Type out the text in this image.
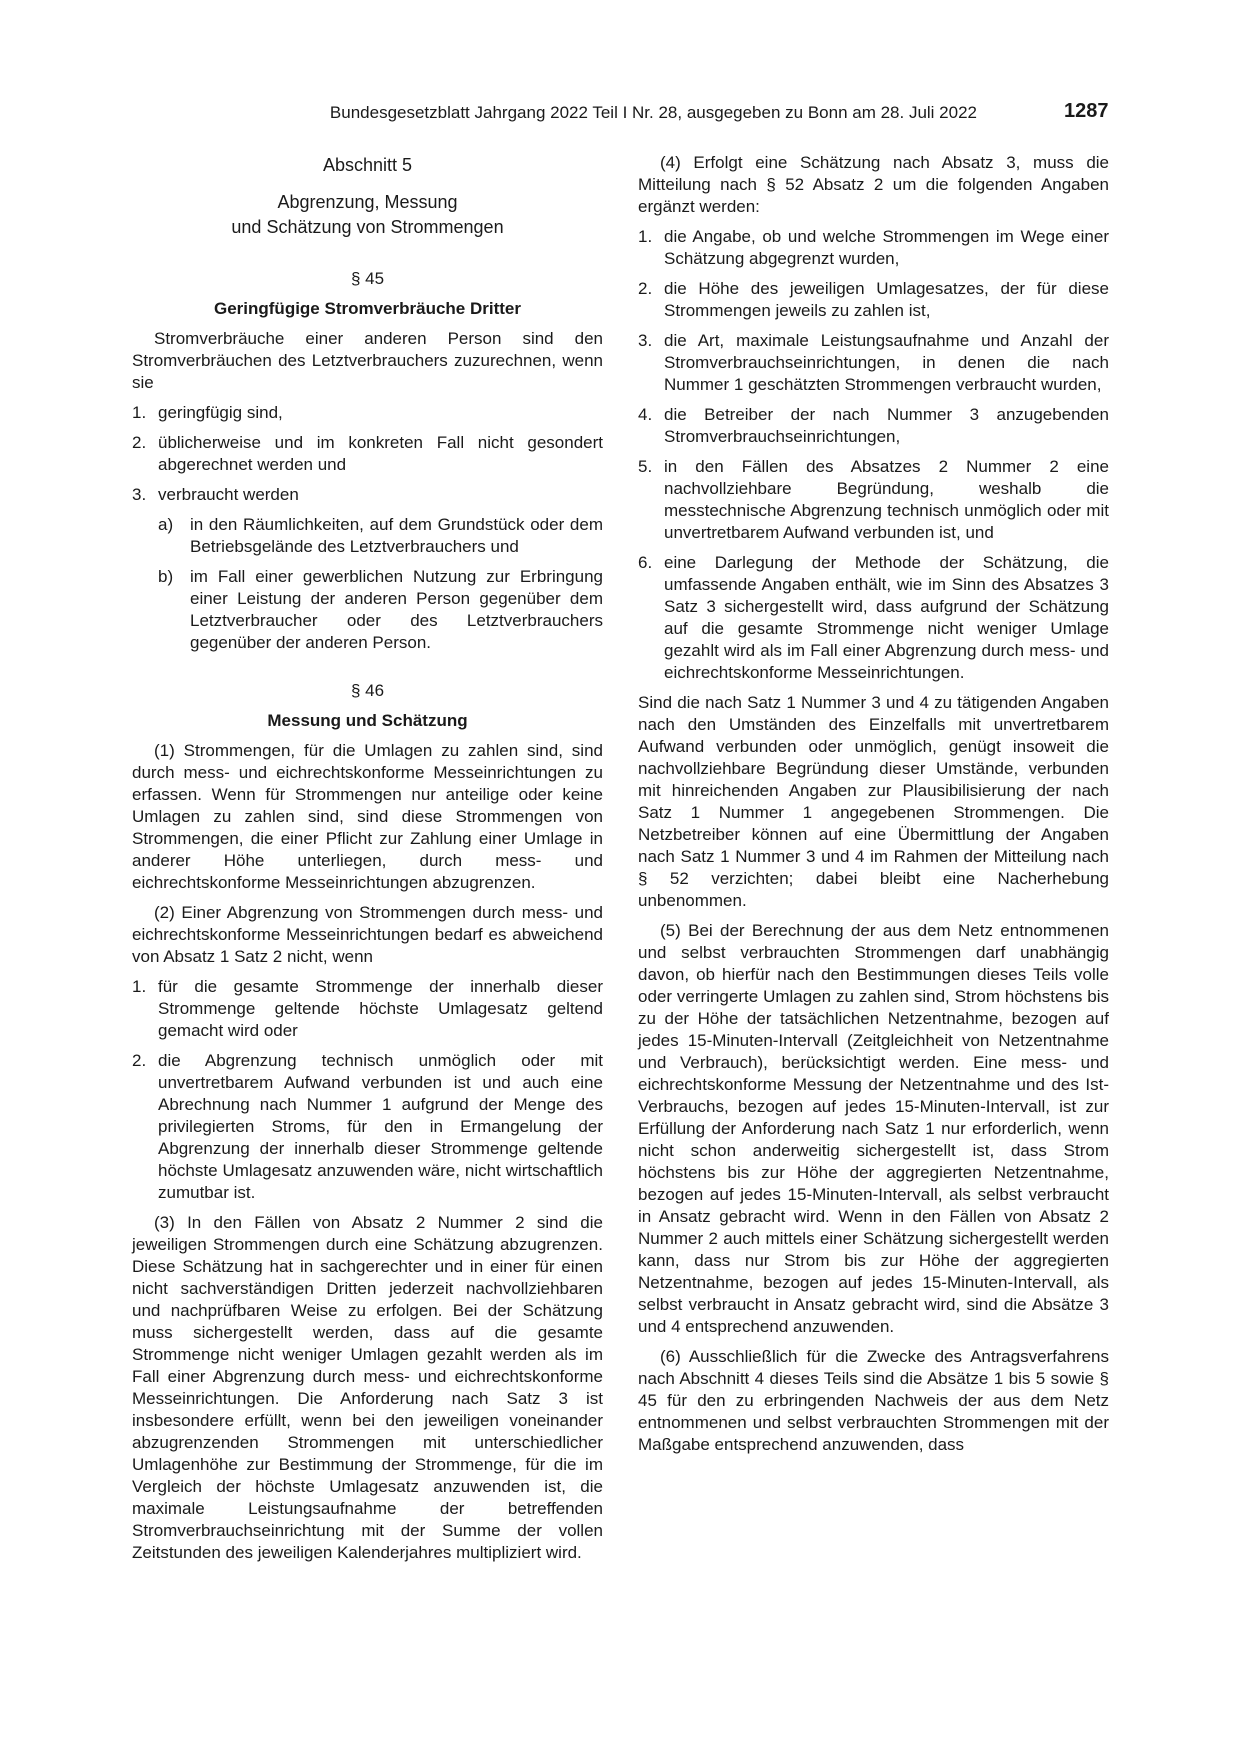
Bundesgesetzblatt Jahrgang 2022 Teil I Nr. 28, ausgegeben zu Bonn am 28. Juli 2022	1287
Abschnitt 5
Abgrenzung, Messung
und Schätzung von Strommengen
§ 45
Geringfügige Stromverbräuche Dritter

Stromverbräuche einer anderen Person sind den Stromverbräuchen des Letztverbrauchers zuzurechnen, wenn sie

1. geringfügig sind,
2. üblicherweise und im konkreten Fall nicht gesondert abgerechnet werden und
3. verbraucht werden
a) in den Räumlichkeiten, auf dem Grundstück oder dem Betriebsgelände des Letztverbrauchers und
b) im Fall einer gewerblichen Nutzung zur Erbringung einer Leistung der anderen Person gegenüber dem Letztverbraucher oder des Letztverbrauchers gegenüber der anderen Person.
§ 46
Messung und Schätzung

(1) Strommengen, für die Umlagen zu zahlen sind, sind durch mess- und eichrechtskonforme Messeinrichtungen zu erfassen. Wenn für Strommengen nur anteilige oder keine Umlagen zu zahlen sind, sind diese Strommengen von Strommengen, die einer Pflicht zur Zahlung einer Umlage in anderer Höhe unterliegen, durch mess- und eichrechtskonforme Messeinrichtungen abzugrenzen.

(2) Einer Abgrenzung von Strommengen durch mess- und eichrechtskonforme Messeinrichtungen bedarf es abweichend von Absatz 1 Satz 2 nicht, wenn

1. für die gesamte Strommenge der innerhalb dieser Strommenge geltende höchste Umlagesatz geltend gemacht wird oder
2. die Abgrenzung technisch unmöglich oder mit unvertretbarem Aufwand verbunden ist und auch eine Abrechnung nach Nummer 1 aufgrund der Menge des privilegierten Stroms, für den in Ermangelung der Abgrenzung der innerhalb dieser Strommenge geltende höchste Umlagesatz anzuwenden wäre, nicht wirtschaftlich zumutbar ist.

(3) In den Fällen von Absatz 2 Nummer 2 sind die jeweiligen Strommengen durch eine Schätzung abzugrenzen. Diese Schätzung hat in sachgerechter und in einer für einen nicht sachverständigen Dritten jederzeit nachvollziehbaren und nachprüfbaren Weise zu erfolgen. Bei der Schätzung muss sichergestellt werden, dass auf die gesamte Strommenge nicht weniger Umlagen gezahlt werden als im Fall einer Abgrenzung durch mess- und eichrechtskonforme Messeinrichtungen. Die Anforderung nach Satz 3 ist insbesondere erfüllt, wenn bei den jeweiligen voneinander abzugrenzenden Strommengen mit unterschiedlicher Umlagenhöhe zur Bestimmung der Strommenge, für die im Vergleich der höchste Umlagesatz anzuwenden ist, die maximale Leistungsaufnahme der betreffenden Stromverbrauchseinrichtung mit der Summe der vollen Zeitstunden des jeweiligen Kalenderjahres multipliziert wird.

(4) Erfolgt eine Schätzung nach Absatz 3, muss die Mitteilung nach § 52 Absatz 2 um die folgenden Angaben ergänzt werden:

1. die Angabe, ob und welche Strommengen im Wege einer Schätzung abgegrenzt wurden,
2. die Höhe des jeweiligen Umlagesatzes, der für diese Strommengen jeweils zu zahlen ist,
3. die Art, maximale Leistungsaufnahme und Anzahl der Stromverbrauchseinrichtungen, in denen die nach Nummer 1 geschätzten Strommengen verbraucht wurden,
4. die Betreiber der nach Nummer 3 anzugebenden Stromverbrauchseinrichtungen,
5. in den Fällen des Absatzes 2 Nummer 2 eine nachvollziehbare Begründung, weshalb die messtechnische Abgrenzung technisch unmöglich oder mit unvertretbarem Aufwand verbunden ist, und
6. eine Darlegung der Methode der Schätzung, die umfassende Angaben enthält, wie im Sinn des Absatzes 3 Satz 3 sichergestellt wird, dass aufgrund der Schätzung auf die gesamte Strommenge nicht weniger Umlage gezahlt wird als im Fall einer Abgrenzung durch mess- und eichrechtskonforme Messeinrichtungen.

Sind die nach Satz 1 Nummer 3 und 4 zu tätigenden Angaben nach den Umständen des Einzelfalls mit unvertretbarem Aufwand verbunden oder unmöglich, genügt insoweit die nachvollziehbare Begründung dieser Umstände, verbunden mit hinreichenden Angaben zur Plausibilisierung der nach Satz 1 Nummer 1 angegebenen Strommengen. Die Netzbetreiber können auf eine Übermittlung der Angaben nach Satz 1 Nummer 3 und 4 im Rahmen der Mitteilung nach § 52 verzichten; dabei bleibt eine Nacherhebung unbenommen.

(5) Bei der Berechnung der aus dem Netz entnommenen und selbst verbrauchten Strommengen darf unabhängig davon, ob hierfür nach den Bestimmungen dieses Teils volle oder verringerte Umlagen zu zahlen sind, Strom höchstens bis zu der Höhe der tatsächlichen Netzentnahme, bezogen auf jedes 15-Minuten-Intervall (Zeitgleichheit von Netzentnahme und Verbrauch), berücksichtigt werden. Eine mess- und eichrechtskonforme Messung der Netzentnahme und des Ist-Verbrauchs, bezogen auf jedes 15-Minuten-Intervall, ist zur Erfüllung der Anforderung nach Satz 1 nur erforderlich, wenn nicht schon anderweitig sichergestellt ist, dass Strom höchstens bis zur Höhe der aggregierten Netzentnahme, bezogen auf jedes 15-Minuten-Intervall, als selbst verbraucht in Ansatz gebracht wird. Wenn in den Fällen von Absatz 2 Nummer 2 auch mittels einer Schätzung sichergestellt werden kann, dass nur Strom bis zur Höhe der aggregierten Netzentnahme, bezogen auf jedes 15-Minuten-Intervall, als selbst verbraucht in Ansatz gebracht wird, sind die Absätze 3 und 4 entsprechend anzuwenden.

(6) Ausschließlich für die Zwecke des Antragsverfahrens nach Abschnitt 4 dieses Teils sind die Absätze 1 bis 5 sowie § 45 für den zu erbringenden Nachweis der aus dem Netz entnommenen und selbst verbrauchten Strommengen mit der Maßgabe entsprechend anzuwenden, dass
